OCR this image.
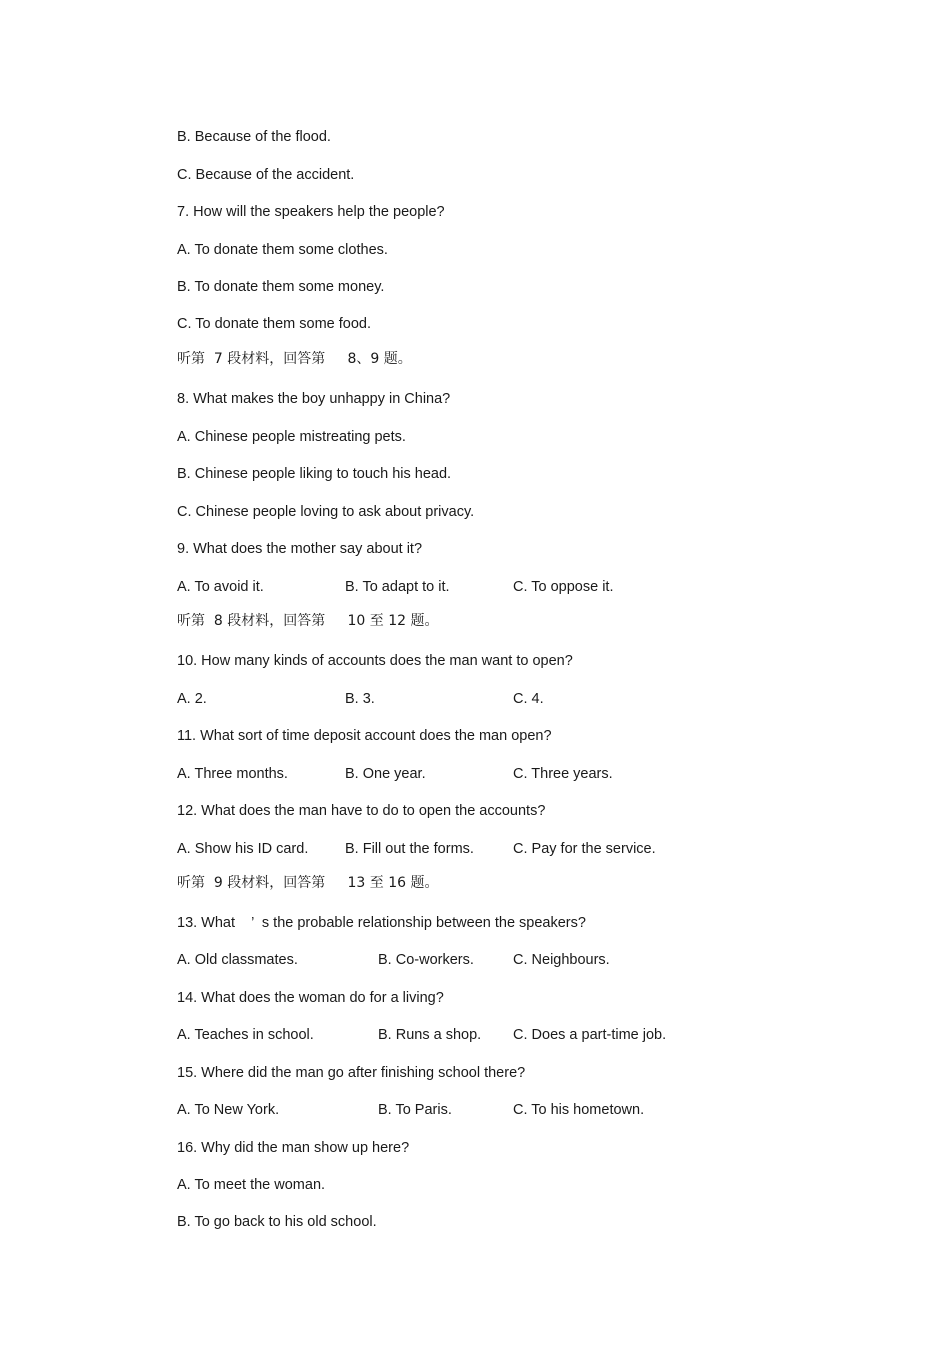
B. Because of the flood.
C. Because of the accident.
7. How will the speakers help the people?
A. To donate them some clothes.
B. To donate them some money.
C. To donate them some food.
听第  7 段材料，回答第     8、9 题。
8. What makes the boy unhappy in China?
A. Chinese people mistreating pets.
B. Chinese people liking to touch his head.
C. Chinese people loving to ask about privacy.
9. What does the mother say about it?
A. To avoid it.	B. To adapt to it.	C. To oppose it.
听第  8 段材料，回答第     10 至 12 题。
10. How many kinds of accounts does the man want to open?
A. 2.	B. 3.	C. 4.
11. What sort of time deposit account does the man open?
A. Three months.	B. One year.	C. Three years.
12. What does the man have to do to open the accounts?
A. Show his ID card.	B. Fill out the forms.	C. Pay for the service.
听第  9 段材料，回答第     13 至 16 题。
13. What    ’  s the probable relationship between the speakers?
A. Old classmates.	B. Co-workers.	C. Neighbours.
14. What does the woman do for a living?
A. Teaches in school.	B. Runs a shop. C. Does a part-time job.
15. Where did the man go after finishing school there?
A. To New York.	B. To Paris.	C. To his hometown.
16. Why did the man show up here?
A. To meet the woman.
B. To go back to his old school.
